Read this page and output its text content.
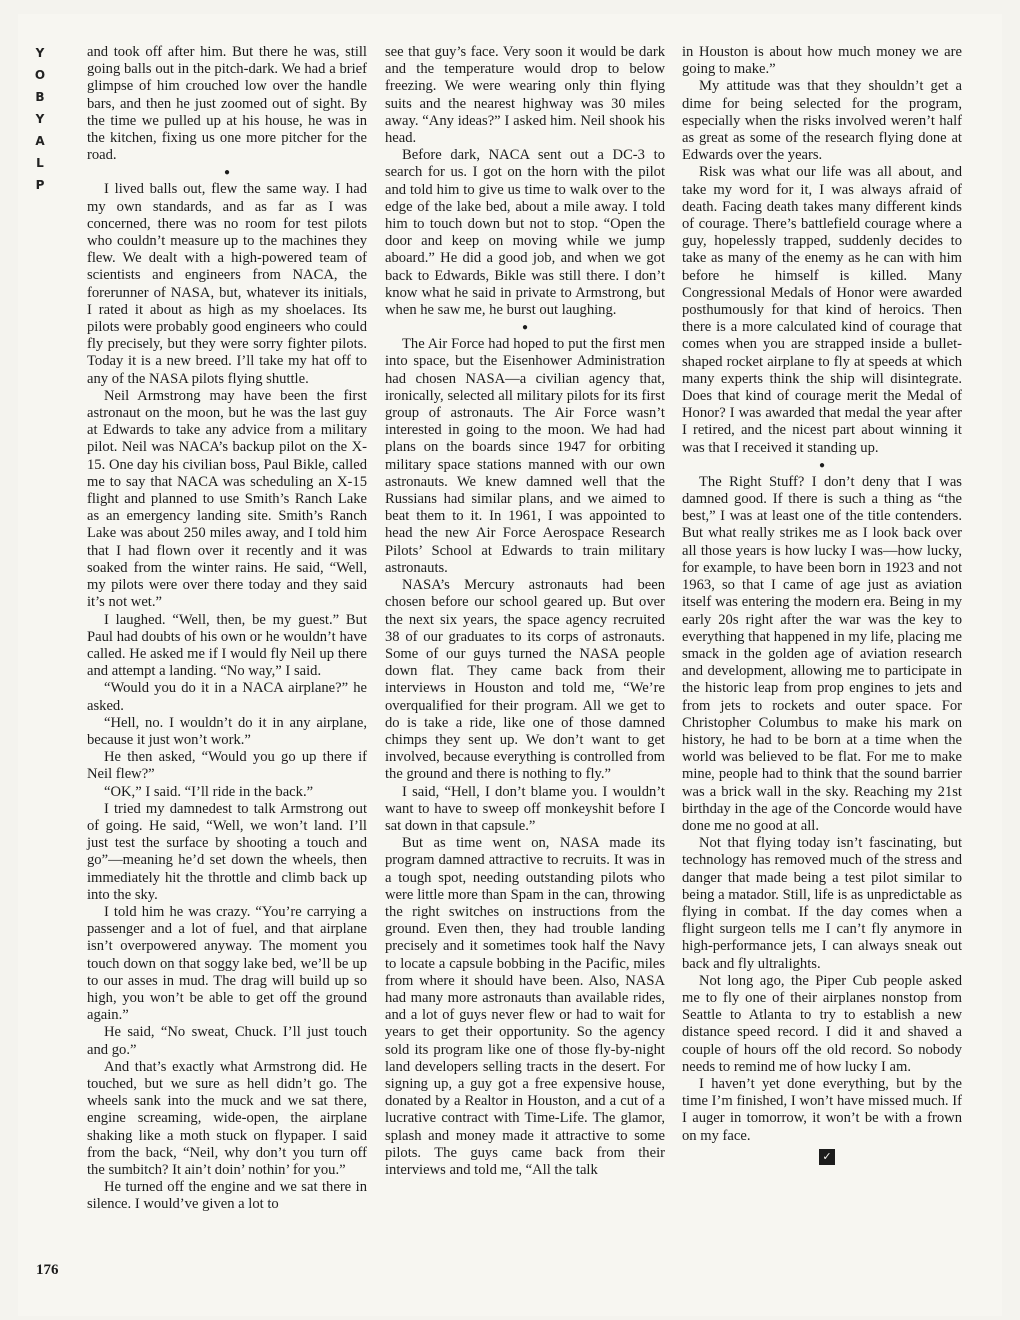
Y
O
B
Y
A
L
P

and took off after him. But there he was, still going balls out in the pitch-dark. We had a brief glimpse of him crouched low over the handle bars, and then he just zoomed out of sight. By the time we pulled up at his house, he was in the kitchen, fixing us one more pitcher for the road.

●

I lived balls out, flew the same way. I had my own standards, and as far as I was concerned, there was no room for test pilots who couldn’t measure up to the machines they flew. We dealt with a high-powered team of scientists and engineers from NACA, the forerunner of NASA, but, whatever its initials, I rated it about as high as my shoelaces. Its pilots were probably good engineers who could fly precisely, but they were sorry fighter pilots. Today it is a new breed. I’ll take my hat off to any of the NASA pilots flying shuttle.

Neil Armstrong may have been the first astronaut on the moon, but he was the last guy at Edwards to take any advice from a military pilot. Neil was NACA’s backup pilot on the X-15. One day his civilian boss, Paul Bikle, called me to say that NACA was scheduling an X-15 flight and planned to use Smith’s Ranch Lake as an emergency landing site. Smith’s Ranch Lake was about 250 miles away, and I told him that I had flown over it recently and it was soaked from the winter rains. He said, “Well, my pilots were over there today and they said it’s not wet.”

I laughed. “Well, then, be my guest.” But Paul had doubts of his own or he wouldn’t have called. He asked me if I would fly Neil up there and attempt a landing. “No way,” I said.

“Would you do it in a NACA airplane?” he asked.

“Hell, no. I wouldn’t do it in any airplane, because it just won’t work.”

He then asked, “Would you go up there if Neil flew?”

“OK,” I said. “I’ll ride in the back.”

I tried my damnedest to talk Armstrong out of going. He said, “Well, we won’t land. I’ll just test the surface by shooting a touch and go”—meaning he’d set down the wheels, then immediately hit the throttle and climb back up into the sky.

I told him he was crazy. “You’re carrying a passenger and a lot of fuel, and that airplane isn’t overpowered anyway. The moment you touch down on that soggy lake bed, we’ll be up to our asses in mud. The drag will build up so high, you won’t be able to get off the ground again.”

He said, “No sweat, Chuck. I’ll just touch and go.”

And that’s exactly what Armstrong did. He touched, but we sure as hell didn’t go. The wheels sank into the muck and we sat there, engine screaming, wide-open, the airplane shaking like a moth stuck on flypaper. I said from the back, “Neil, why don’t you turn off the sumbitch? It ain’t doin’ nothin’ for you.”

He turned off the engine and we sat there in silence. I would’ve given a lot to

see that guy’s face. Very soon it would be dark and the temperature would drop to below freezing. We were wearing only thin flying suits and the nearest highway was 30 miles away. “Any ideas?” I asked him. Neil shook his head.

Before dark, NACA sent out a DC-3 to search for us. I got on the horn with the pilot and told him to give us time to walk over to the edge of the lake bed, about a mile away. I told him to touch down but not to stop. “Open the door and keep on moving while we jump aboard.” He did a good job, and when we got back to Edwards, Bikle was still there. I don’t know what he said in private to Armstrong, but when he saw me, he burst out laughing.

●

The Air Force had hoped to put the first men into space, but the Eisenhower Administration had chosen NASA—a civilian agency that, ironically, selected all military pilots for its first group of astronauts. The Air Force wasn’t interested in going to the moon. We had had plans on the boards since 1947 for orbiting military space stations manned with our own astronauts. We knew damned well that the Russians had similar plans, and we aimed to beat them to it. In 1961, I was appointed to head the new Air Force Aerospace Research Pilots’ School at Edwards to train military astronauts.

NASA’s Mercury astronauts had been chosen before our school geared up. But over the next six years, the space agency recruited 38 of our graduates to its corps of astronauts. Some of our guys turned the NASA people down flat. They came back from their interviews in Houston and told me, “We’re overqualified for their program. All we get to do is take a ride, like one of those damned chimps they sent up. We don’t want to get involved, because everything is controlled from the ground and there is nothing to fly.”

I said, “Hell, I don’t blame you. I wouldn’t want to have to sweep off monkeyshit before I sat down in that capsule.”

But as time went on, NASA made its program damned attractive to recruits. It was in a tough spot, needing outstanding pilots who were little more than Spam in the can, throwing the right switches on instructions from the ground. Even then, they had trouble landing precisely and it sometimes took half the Navy to locate a capsule bobbing in the Pacific, miles from where it should have been. Also, NASA had many more astronauts than available rides, and a lot of guys never flew or had to wait for years to get their opportunity. So the agency sold its program like one of those fly-by-night land developers selling tracts in the desert. For signing up, a guy got a free expensive house, donated by a Realtor in Houston, and a cut of a lucrative contract with Time-Life. The glamor, splash and money made it attractive to some pilots. The guys came back from their interviews and told me, “All the talk

in Houston is about how much money we are going to make.”

My attitude was that they shouldn’t get a dime for being selected for the program, especially when the risks involved weren’t half as great as some of the research flying done at Edwards over the years.

Risk was what our life was all about, and take my word for it, I was always afraid of death. Facing death takes many different kinds of courage. There’s battlefield courage where a guy, hopelessly trapped, suddenly decides to take as many of the enemy as he can with him before he himself is killed. Many Congressional Medals of Honor were awarded posthumously for that kind of heroics. Then there is a more calculated kind of courage that comes when you are strapped inside a bullet-shaped rocket airplane to fly at speeds at which many experts think the ship will disintegrate. Does that kind of courage merit the Medal of Honor? I was awarded that medal the year after I retired, and the nicest part about winning it was that I received it standing up.

●

The Right Stuff? I don’t deny that I was damned good. If there is such a thing as “the best,” I was at least one of the title contenders. But what really strikes me as I look back over all those years is how lucky I was—how lucky, for example, to have been born in 1923 and not 1963, so that I came of age just as aviation itself was entering the modern era. Being in my early 20s right after the war was the key to everything that happened in my life, placing me smack in the golden age of aviation research and development, allowing me to participate in the historic leap from prop engines to jets and from jets to rockets and outer space. For Christopher Columbus to make his mark on history, he had to be born at a time when the world was believed to be flat. For me to make mine, people had to think that the sound barrier was a brick wall in the sky. Reaching my 21st birthday in the age of the Concorde would have done me no good at all.

Not that flying today isn’t fascinating, but technology has removed much of the stress and danger that made being a test pilot similar to being a matador. Still, life is as unpredictable as flying in combat. If the day comes when a flight surgeon tells me I can’t fly anymore in high-performance jets, I can always sneak out back and fly ultralights.

Not long ago, the Piper Cub people asked me to fly one of their airplanes nonstop from Seattle to Atlanta to try to establish a new distance speed record. I did it and shaved a couple of hours off the old record. So nobody needs to remind me of how lucky I am.

I haven’t yet done everything, but by the time I’m finished, I won’t have missed much. If I auger in tomorrow, it won’t be with a frown on my face.

✓
176
